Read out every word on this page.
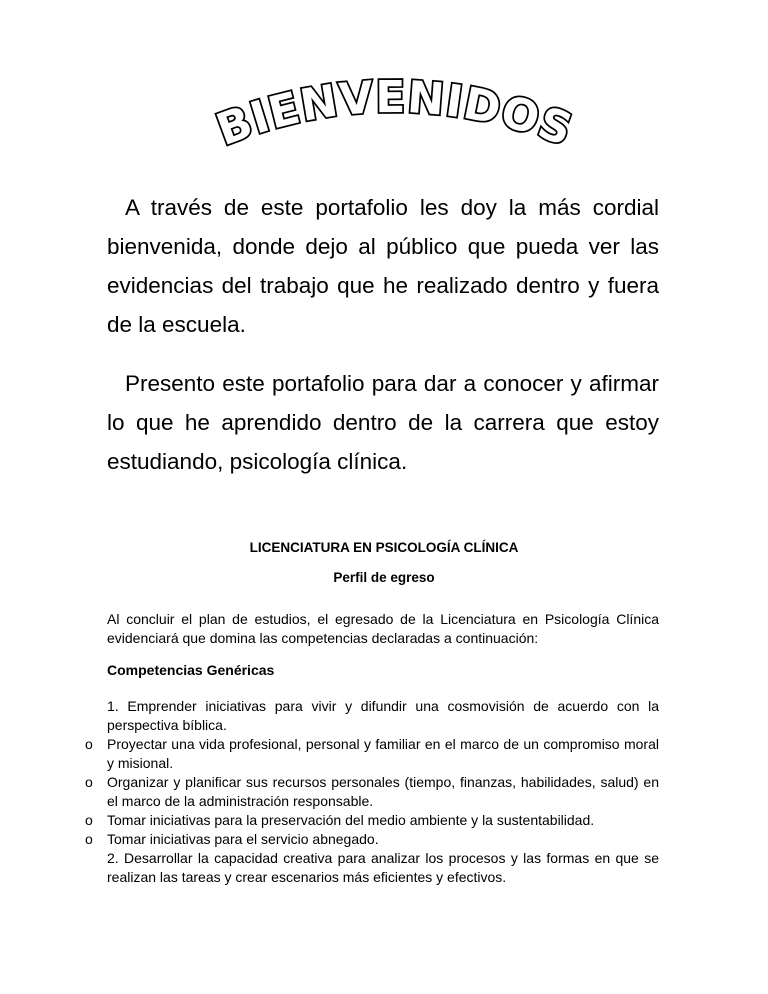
BIENVENIDOS

A través de este portafolio les doy la más cordial bienvenida, donde dejo al público que pueda ver las evidencias del trabajo que he realizado dentro y fuera de la escuela.

Presento este portafolio para dar a conocer y afirmar lo que he aprendido dentro de la carrera que estoy estudiando, psicología clínica.

LICENCIATURA EN PSICOLOGÍA CLÍNICA

Perfil de egreso

Al concluir el plan de estudios, el egresado de la Licenciatura en Psicología Clínica evidenciará que domina las competencias declaradas a continuación:

Competencias Genéricas

1. Emprender iniciativas para vivir y difundir una cosmovisión de acuerdo con la perspectiva bíblica.

o Proyectar una vida profesional, personal y familiar en el marco de un compromiso moral y misional.

o Organizar y planificar sus recursos personales (tiempo, finanzas, habilidades, salud) en el marco de la administración responsable.

o Tomar iniciativas para la preservación del medio ambiente y la sustentabilidad.

o Tomar iniciativas para el servicio abnegado.

2. Desarrollar la capacidad creativa para analizar los procesos y las formas en que se realizan las tareas y crear escenarios más eficientes y efectivos.
